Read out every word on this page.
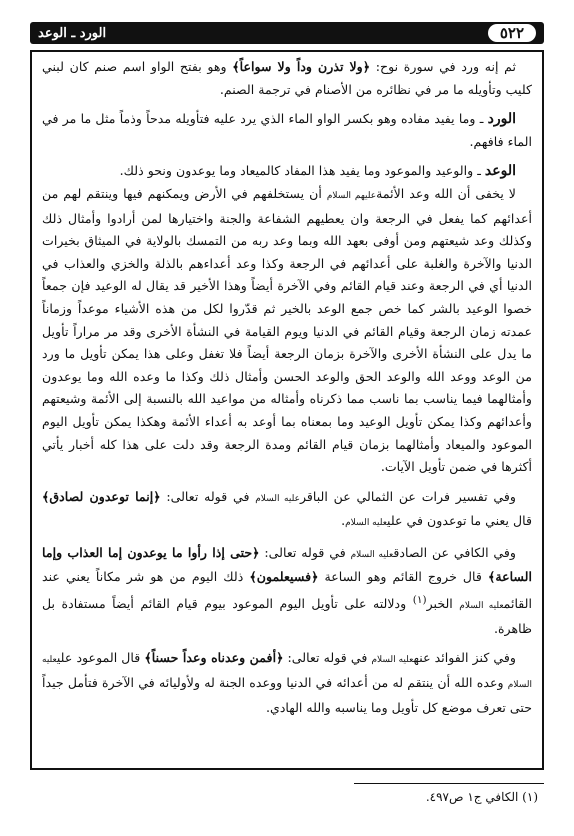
٥٢٢
الورد ـ الوعد

ثم إنه ورد في سورة نوح: ﴿ولا تذرن وداً ولا سواعاً﴾ وهو بفتح الواو اسم صنم كان لبني كليب وتأويله ما مر في نظائره من الأصنام في ترجمة الصنم.

الورد ـ وما يفيد مفاده وهو بكسر الواو الماء الذي يرد عليه فتأويله مدحاً وذماً مثل ما مر في الماء فافهم.

الوعد ـ والوعيد والموعود وما يفيد هذا المفاد كالميعاد وما يوعدون ونحو ذلك.

لا يخفى أن الله وعد الأئمةعليهم السلام أن يستخلفهم في الأرض ويمكنهم فيها وينتقم لهم من أعدائهم كما يفعل في الرجعة وان يعطيهم الشفاعة والجنة واختيارها لمن أرادوا وأمثال ذلك وكذلك وعد شيعتهم ومن أوفى بعهد الله وبما وعد ربه من التمسك بالولاية في الميثاق بخيرات الدنيا والآخرة والغلبة على أعدائهم في الرجعة وكذا وعد أعداءهم بالذلة والخزي والعذاب في الدنيا أي في الرجعة وعند قيام القائم وفي الآخرة أيضاً وهذا الأخير قد يقال له الوعيد فإن جمعاً خصوا الوعيد بالشر كما خص جمع الوعد بالخير ثم قدّروا لكل من هذه الأشياء موعداً وزماناً عمدته زمان الرجعة وقيام القائم في الدنيا ويوم القيامة في النشأة الأخرى وقد مر مراراً تأويل ما يدل على النشأة الأخرى والآخرة بزمان الرجعة أيضاً فلا تغفل وعلى هذا يمكن تأويل ما ورد من الوعد ووعد الله والوعد الحق والوعد الحسن وأمثال ذلك وكذا ما وعده الله وما يوعدون وأمثالهما فيما يناسب بما ناسب مما ذكرناه وأمثاله من مواعيد الله بالنسبة إلى الأئمة وشيعتهم وأعدائهم وكذا يمكن تأويل الوعيد وما بمعناه بما أوعد به أعداء الأئمة وهكذا يمكن تأويل اليوم الموعود والميعاد وأمثالهما بزمان قيام القائم ومدة الرجعة وقد دلت على هذا كله أخبار يأتي أكثرها في ضمن تأويل الآيات.

وفي تفسير فرات عن الثمالي عن الباقرعليه السلام في قوله تعالى: ﴿إنما توعدون لصادق﴾ قال يعني ما توعدون في عليعليه السلام.

وفي الكافي عن الصادقعليه السلام في قوله تعالى: ﴿حتى إذا رأوا ما يوعدون إما العذاب وإما الساعة﴾ قال خروج القائم وهو الساعة ﴿فسيعلمون﴾ ذلك اليوم من هو شر مكاناً يعني عند القائمعليه السلام الخبر$^{(١)}$ ودلالته على تأويل اليوم الموعود بيوم قيام القائم أيضاً مستفادة بل ظاهرة.

وفي كنز الفوائد عنهعليه السلام في قوله تعالى: ﴿أفمن وعدناه وعداً حسناً﴾ قال الموعود عليعليه السلام وعده الله أن ينتقم له من أعدائه في الدنيا ووعده الجنة له ولأوليائه في الآخرة فتأمل جيداً حتى تعرف موضع كل تأويل وما يناسبه والله الهادي.

(١) الكافي ج١ ص٤٩٧.
